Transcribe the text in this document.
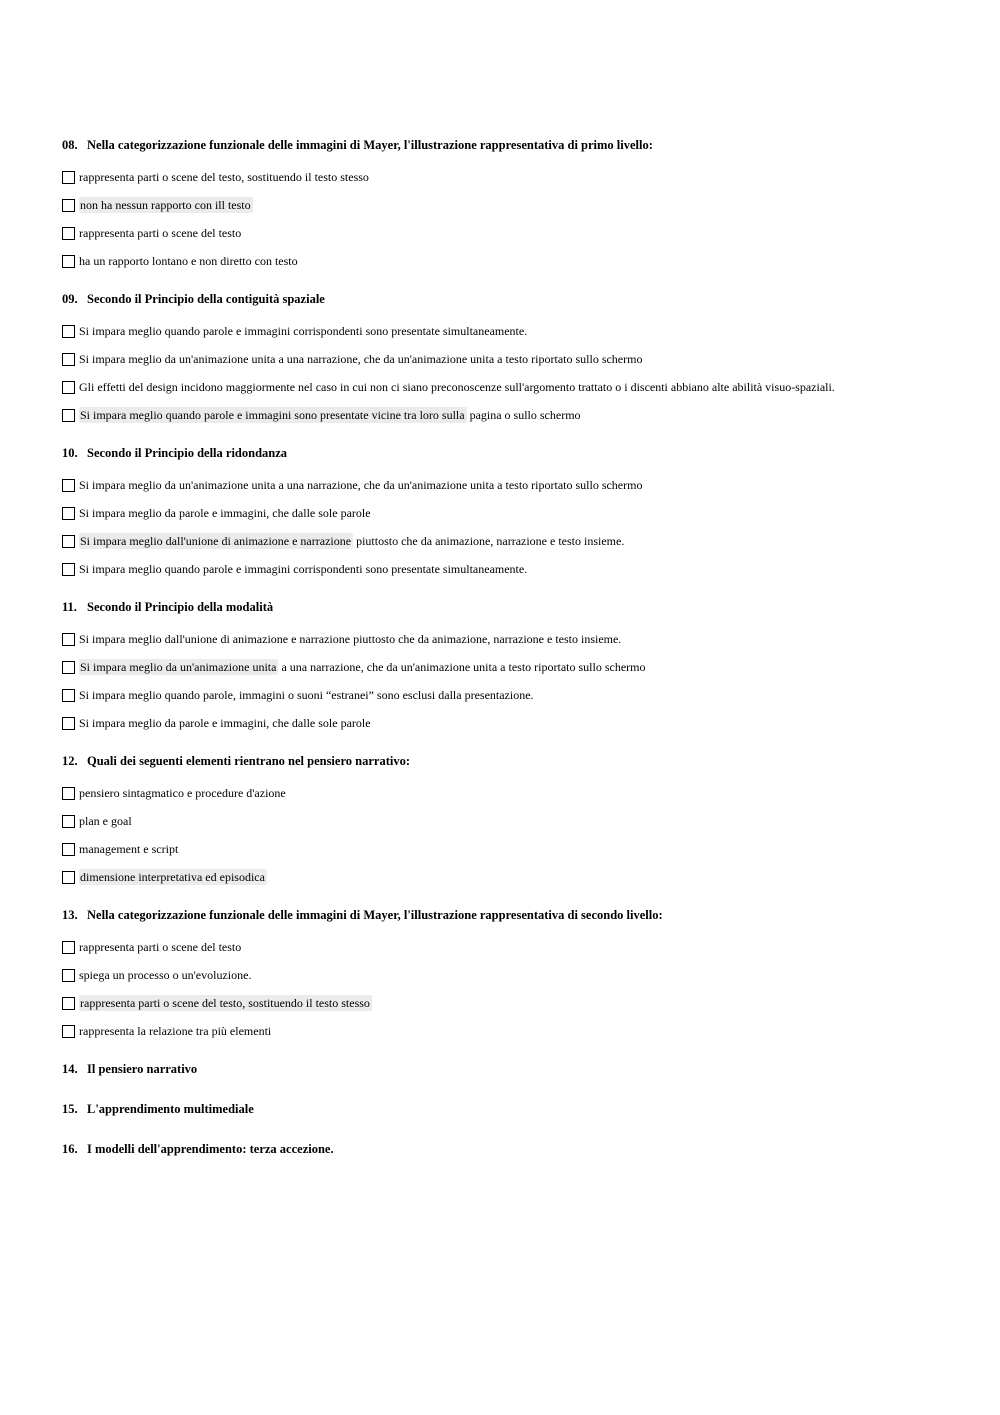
08. Nella categorizzazione funzionale delle immagini di Mayer, l'illustrazione rappresentativa di primo livello:
rappresenta parti o scene del testo, sostituendo il testo stesso
non ha nessun rapporto con ill testo
rappresenta parti o scene del testo
ha un rapporto lontano e non diretto con testo
09. Secondo il Principio della contiguità spaziale
Si impara meglio quando parole e immagini corrispondenti sono presentate simultaneamente.
Si impara meglio da un'animazione unita a una narrazione, che da un'animazione unita a testo riportato sullo schermo
Gli effetti del design incidono maggiormente nel caso in cui non ci siano preconoscenze sull'argomento trattato o i discenti abbiano alte abilità visuo-spaziali.
Si impara meglio quando parole e immagini sono presentate vicine tra loro sulla pagina o sullo schermo
10. Secondo il Principio della ridondanza
Si impara meglio da un'animazione unita a una narrazione, che da un'animazione unita a testo riportato sullo schermo
Si impara meglio da parole e immagini, che dalle sole parole
Si impara meglio dall'unione di animazione e narrazione piuttosto che da animazione, narrazione e testo insieme.
Si impara meglio quando parole e immagini corrispondenti sono presentate simultaneamente.
11. Secondo il Principio della modalità
Si impara meglio dall'unione di animazione e narrazione piuttosto che da animazione, narrazione e testo insieme.
Si impara meglio da un'animazione unita a una narrazione, che da un'animazione unita a testo riportato sullo schermo
Si impara meglio quando parole, immagini o suoni “estranei” sono esclusi dalla presentazione.
Si impara meglio da parole e immagini, che dalle sole parole
12. Quali dei seguenti elementi rientrano nel pensiero narrativo:
pensiero sintagmatico e procedure d'azione
plan e goal
management e script
dimensione interpretativa ed episodica
13. Nella categorizzazione funzionale delle immagini di Mayer, l'illustrazione rappresentativa di secondo livello:
rappresenta parti o scene del testo
spiega un processo o un'evoluzione.
rappresenta parti o scene del testo, sostituendo il testo stesso
rappresenta la relazione tra più elementi
14. Il pensiero narrativo
15. L'apprendimento multimediale
16. I modelli dell'apprendimento: terza accezione.
